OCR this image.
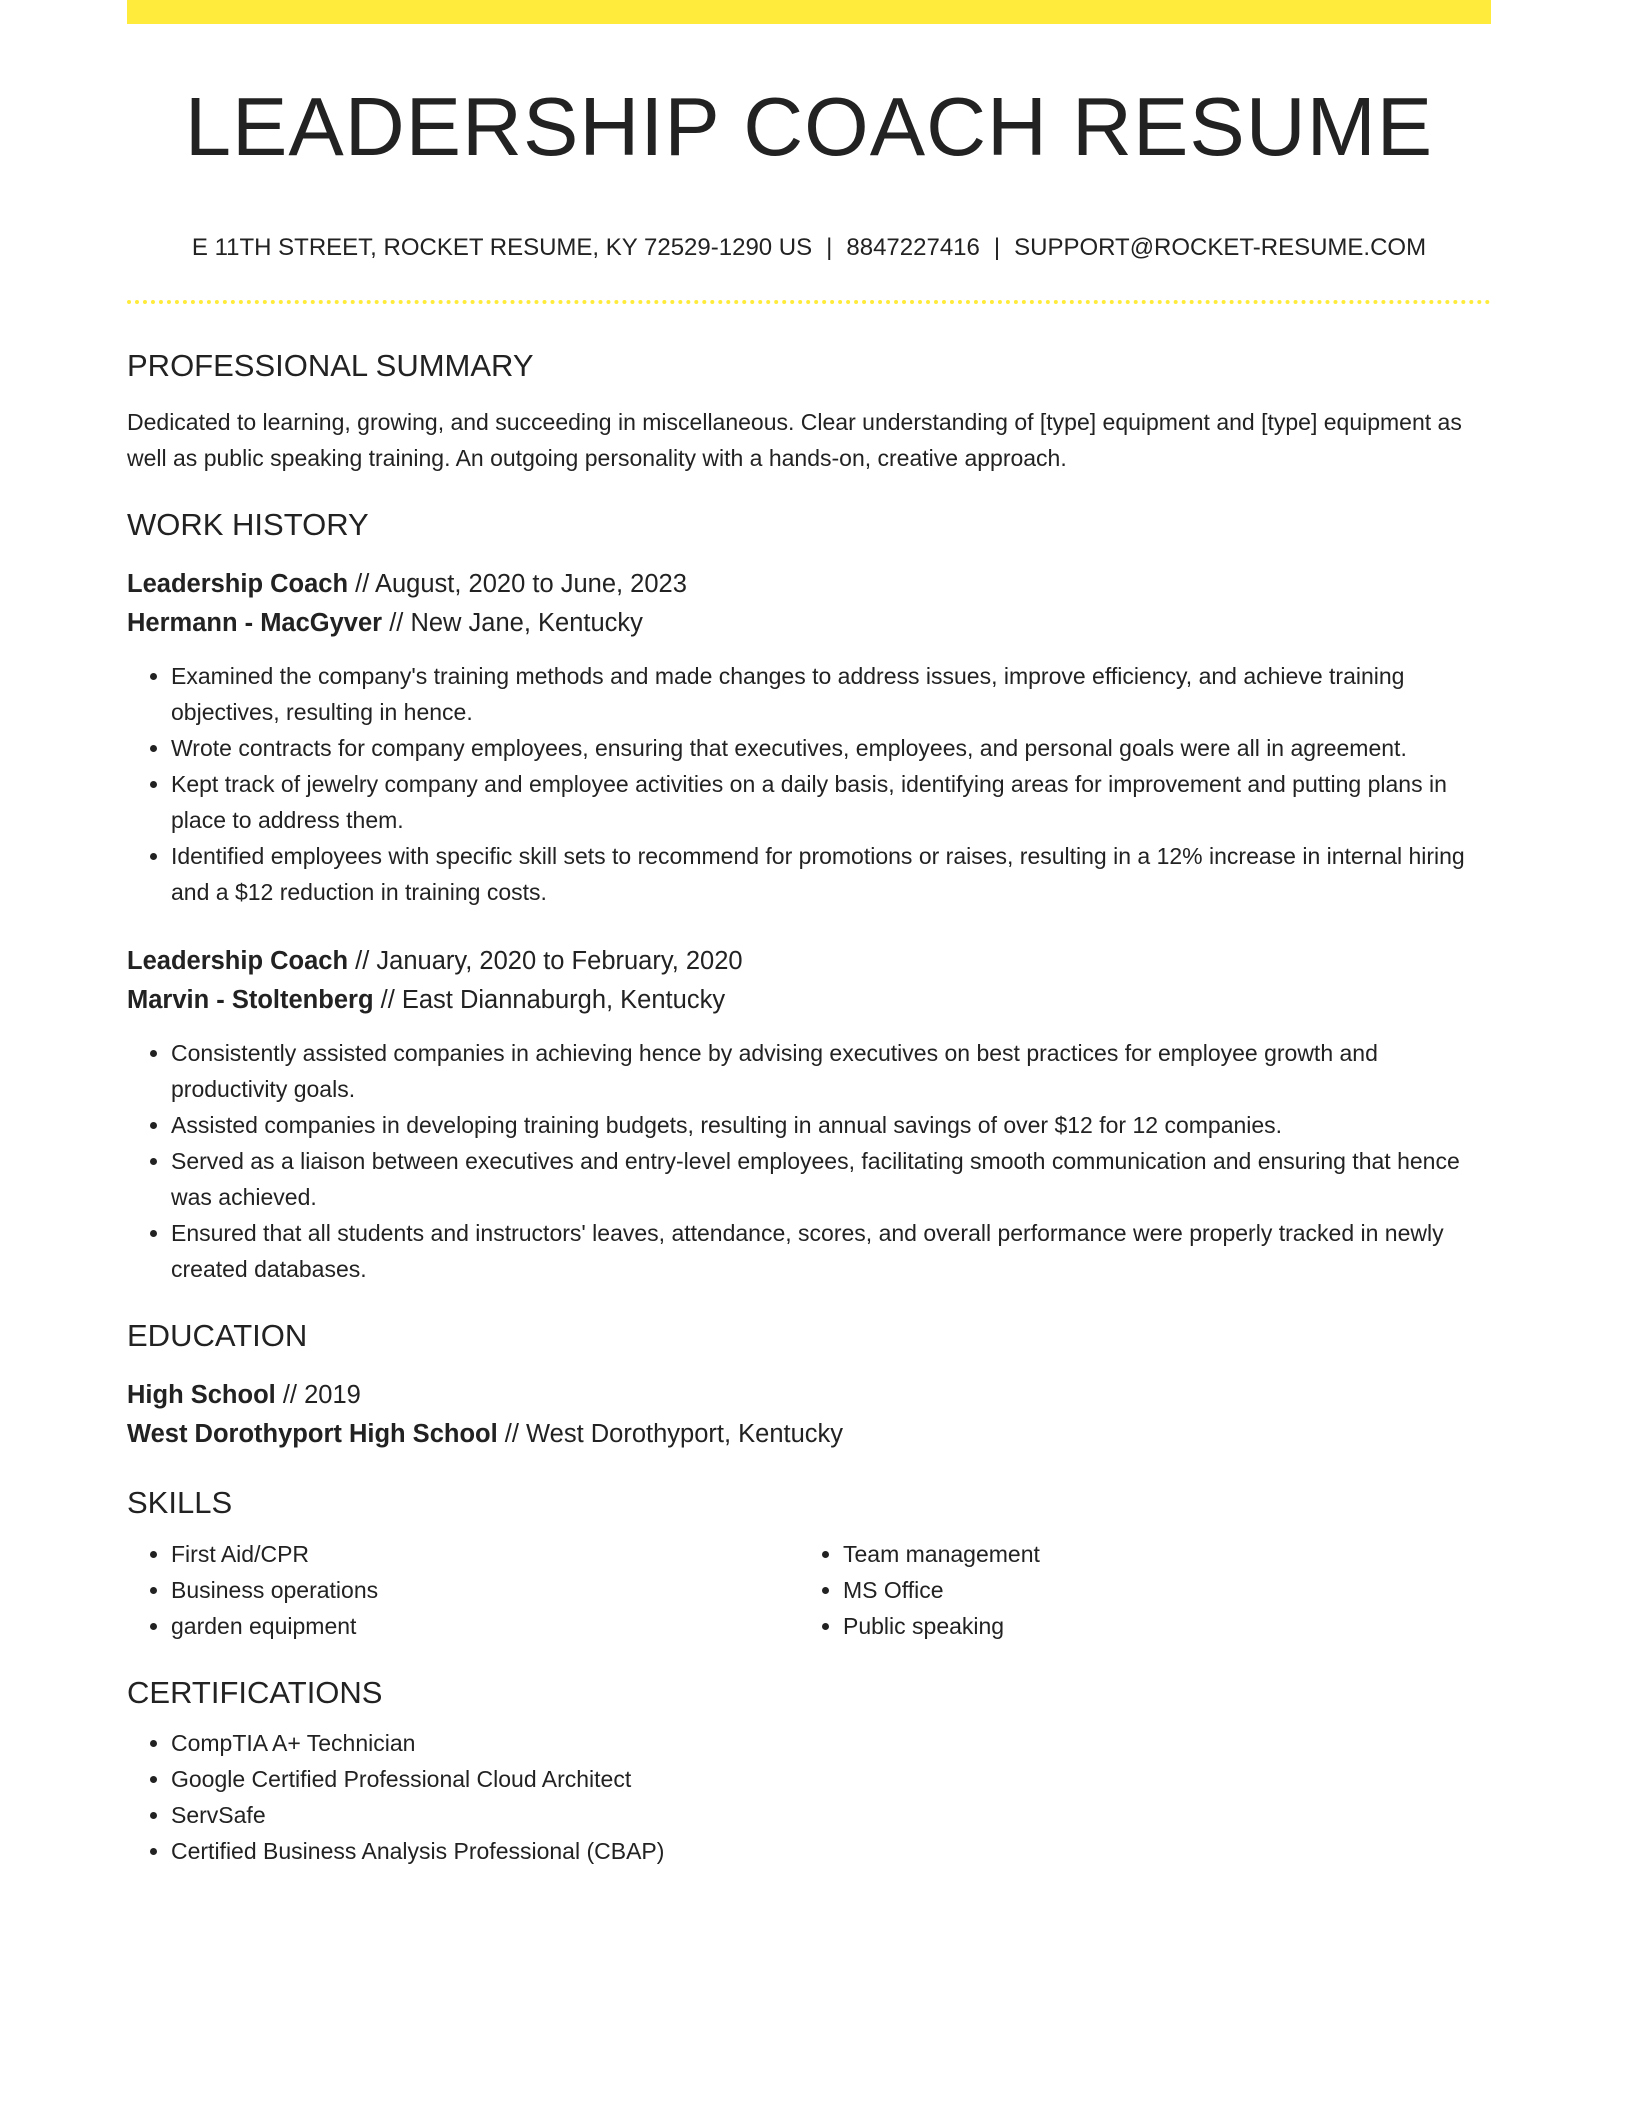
LEADERSHIP COACH RESUME
E 11TH STREET, ROCKET RESUME, KY 72529-1290 US | 8847227416 | SUPPORT@ROCKET-RESUME.COM
PROFESSIONAL SUMMARY

Dedicated to learning, growing, and succeeding in miscellaneous. Clear understanding of [type] equipment and [type] equipment as well as public speaking training. An outgoing personality with a hands-on, creative approach.

WORK HISTORY
Leadership Coach // August, 2020 to June, 2023
Hermann - MacGyver // New Jane, Kentucky
• Examined the company's training methods and made changes to address issues, improve efficiency, and achieve training objectives, resulting in hence.
• Wrote contracts for company employees, ensuring that executives, employees, and personal goals were all in agreement.
• Kept track of jewelry company and employee activities on a daily basis, identifying areas for improvement and putting plans in place to address them.
• Identified employees with specific skill sets to recommend for promotions or raises, resulting in a 12% increase in internal hiring and a $12 reduction in training costs.
Leadership Coach // January, 2020 to February, 2020
Marvin - Stoltenberg // East Diannaburgh, Kentucky
• Consistently assisted companies in achieving hence by advising executives on best practices for employee growth and productivity goals.
• Assisted companies in developing training budgets, resulting in annual savings of over $12 for 12 companies.
• Served as a liaison between executives and entry-level employees, facilitating smooth communication and ensuring that hence was achieved.
• Ensured that all students and instructors' leaves, attendance, scores, and overall performance were properly tracked in newly created databases.
EDUCATION
High School // 2019
West Dorothyport High School // West Dorothyport, Kentucky
SKILLS
• First Aid/CPR
• Business operations
• garden equipment
• Team management
• MS Office
• Public speaking
CERTIFICATIONS
• CompTIA A+ Technician
• Google Certified Professional Cloud Architect
• ServSafe
• Certified Business Analysis Professional (CBAP)
